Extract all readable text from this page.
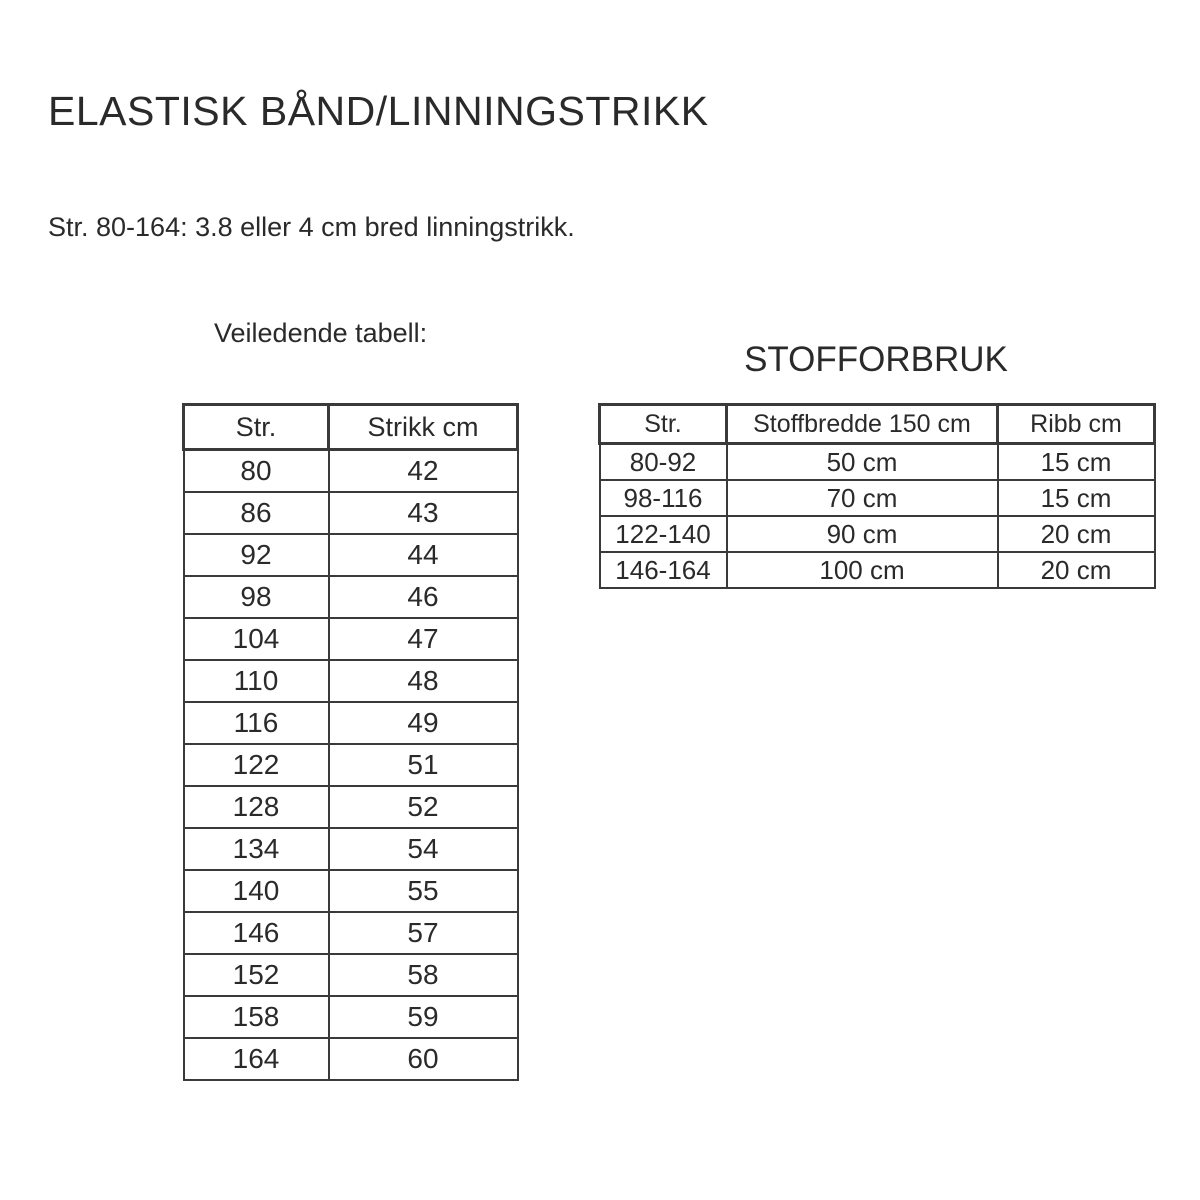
ELASTISK BÅND/LINNINGSTRIKK

Str. 80-164: 3.8 eller 4 cm bred linningstrikk.

Veiledende tabell:

STOFFORBRUK

Str.	Strikk cm
80	42
86	43
92	44
98	46
104	47
110	48
116	49
122	51
128	52
134	54
140	55
146	57
152	58
158	59
164	60
Str.	Stoffbredde 150 cm	Ribb cm
80-92	50 cm	15 cm
98-116	70 cm	15 cm
122-140	90 cm	20 cm
146-164	100 cm	20 cm
